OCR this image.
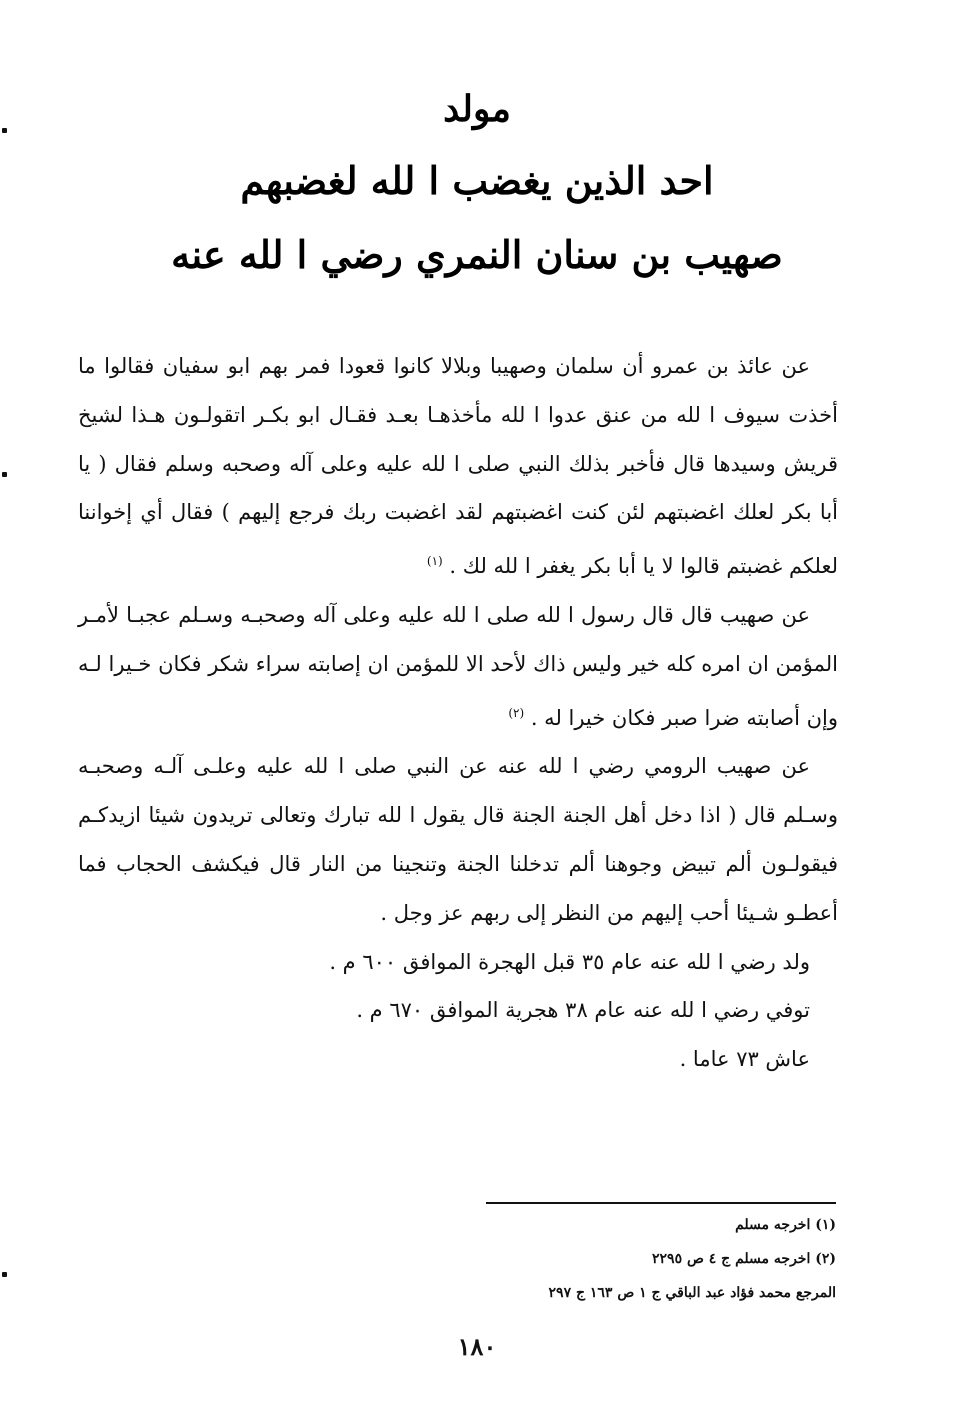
مولد
احد الذين يغضب ا لله لغضبهم
صهيب بن سنان النمري رضي ا لله عنه

عن عائذ بن عمرو أن سلمان وصهيبا وبلالا كانوا قعودا فمر بهم ابو سفيان فقالوا ما أخذت سيوف ا لله من عنق عدوا ا لله مأخذهـا بعـد فقـال ابو بكـر اتقولـون هـذا لشيخ قريش وسيدها قال فأخبر بذلك النبي صلى ا لله عليه وعلى آله وصحبه وسلم فقال ( يا أبا بكر لعلك اغضبتهم لئن كنت اغضبتهم لقد اغضبت ربك فرجع إليهم ) فقال أي إخواننا لعلكم غضبتم قالوا لا يا أبا بكر يغفر ا لله لك . $^{(١)}$

عن صهيب قال قال رسول ا لله صلى ا لله عليه وعلى آله وصحبـه وسـلم عجبـا لأمـر المؤمن ان امره كله خير وليس ذاك لأحد الا للمؤمن ان إصابته سراء شكر فكان خـيرا لـه وإن أصابته ضرا صبر فكان خيرا له . $^{(٢)}$

عن صهيب الرومي رضي ا لله عنه عن النبي صلى ا لله عليه وعلـى آلـه وصحبـه وسـلم قال ( اذا دخل أهل الجنة الجنة قال يقول ا لله تبارك وتعالى تريدون شيئا ازيدكـم فيقولـون ألم تبيض وجوهنا ألم تدخلنا الجنة وتنجينا من النار قال فيكشف الحجاب فما أعطـو شـيئا أحب إليهم من النظر إلى ربهم عز وجل .

ولد رضي ا لله عنه عام ٣٥ قبل الهجرة الموافق ٦٠٠ م .
توفي رضي ا لله عنه عام ٣٨ هجرية الموافق ٦٧٠ م .
عاش ٧٣ عاما .
(١) اخرجه مسلم
(٢) اخرجه مسلم ج ٤ ص ٢٢٩٥
المرجع محمد فؤاد عبد الباقي ج ١ ص ١٦٣ ج ٢٩٧
١٨٠
